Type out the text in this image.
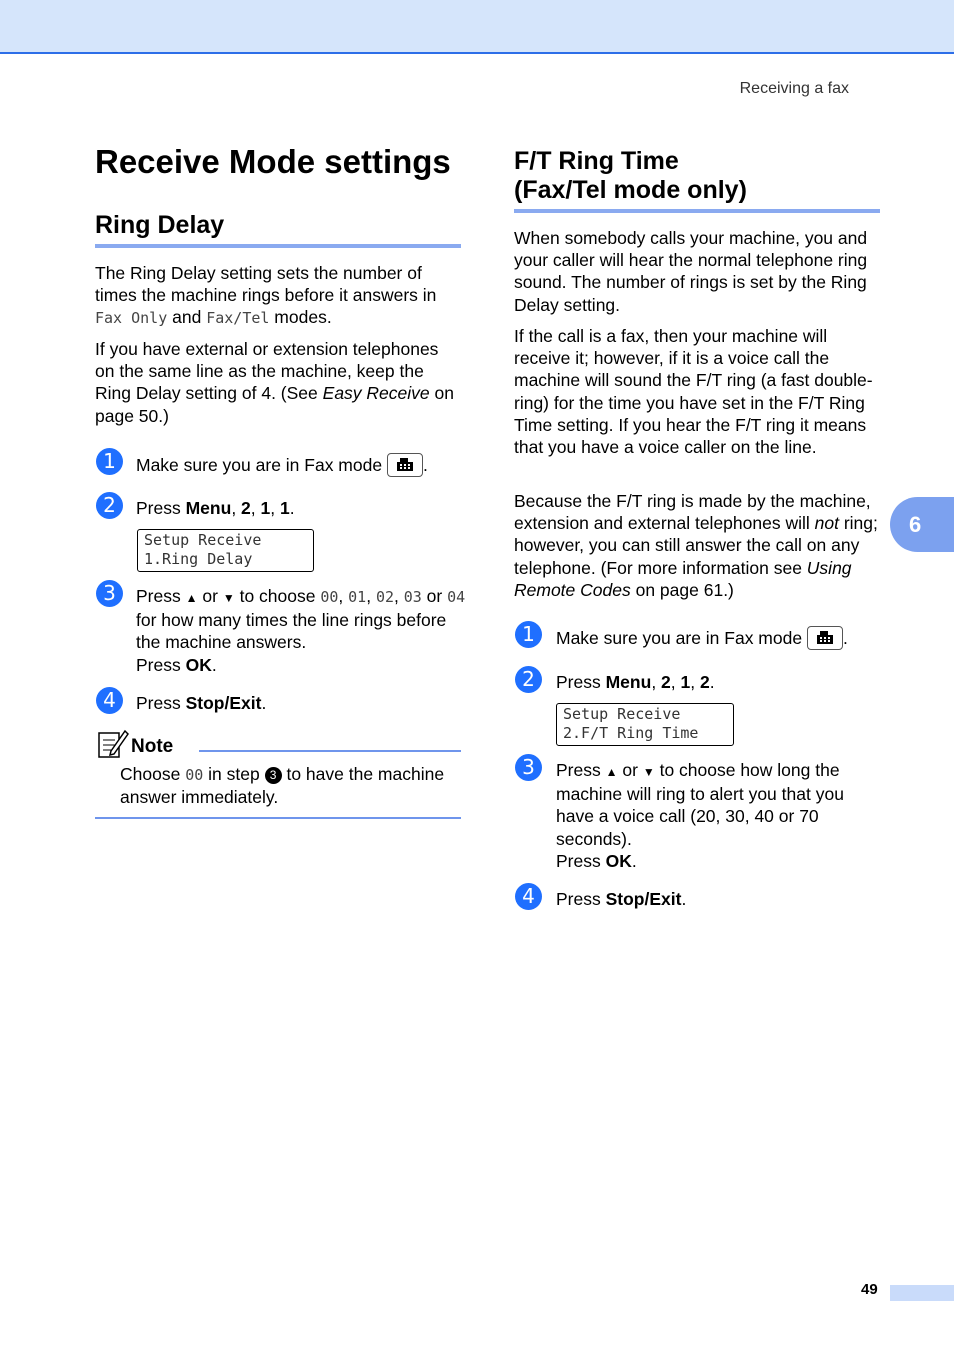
Receiving a fax
Receive Mode settings
Ring Delay
The Ring Delay setting sets the number of times the machine rings before it answers in Fax Only and Fax/Tel modes.
If you have external or extension telephones on the same line as the machine, keep the Ring Delay setting of 4. (See Easy Receive on page 50.)
1	Make sure you are in Fax mode .
2	Press Menu, 2, 1, 1.
Setup Receive
1.Ring Delay
3	Press ▲ or ▼ to choose 00, 01, 02, 03 or 04 for how many times the line rings before the machine answers.
Press OK.
4	Press Stop/Exit.
Note
Choose 00 in step 3 to have the machine answer immediately.
F/T Ring Time
(Fax/Tel mode only)
When somebody calls your machine, you and your caller will hear the normal telephone ring sound. The number of rings is set by the Ring Delay setting.
If the call is a fax, then your machine will receive it; however, if it is a voice call the machine will sound the F/T ring (a fast double-ring) for the time you have set in the F/T Ring Time setting. If you hear the F/T ring it means that you have a voice caller on the line.
Because the F/T ring is made by the machine, extension and external telephones will not ring; however, you can still answer the call on any telephone. (For more information see Using Remote Codes on page 61.)
1	Make sure you are in Fax mode .
2	Press Menu, 2, 1, 2.
Setup Receive
2.F/T Ring Time
3	Press ▲ or ▼ to choose how long the machine will ring to alert you that you have a voice call (20, 30, 40 or 70 seconds).
Press OK.
4	Press Stop/Exit.
6
49
